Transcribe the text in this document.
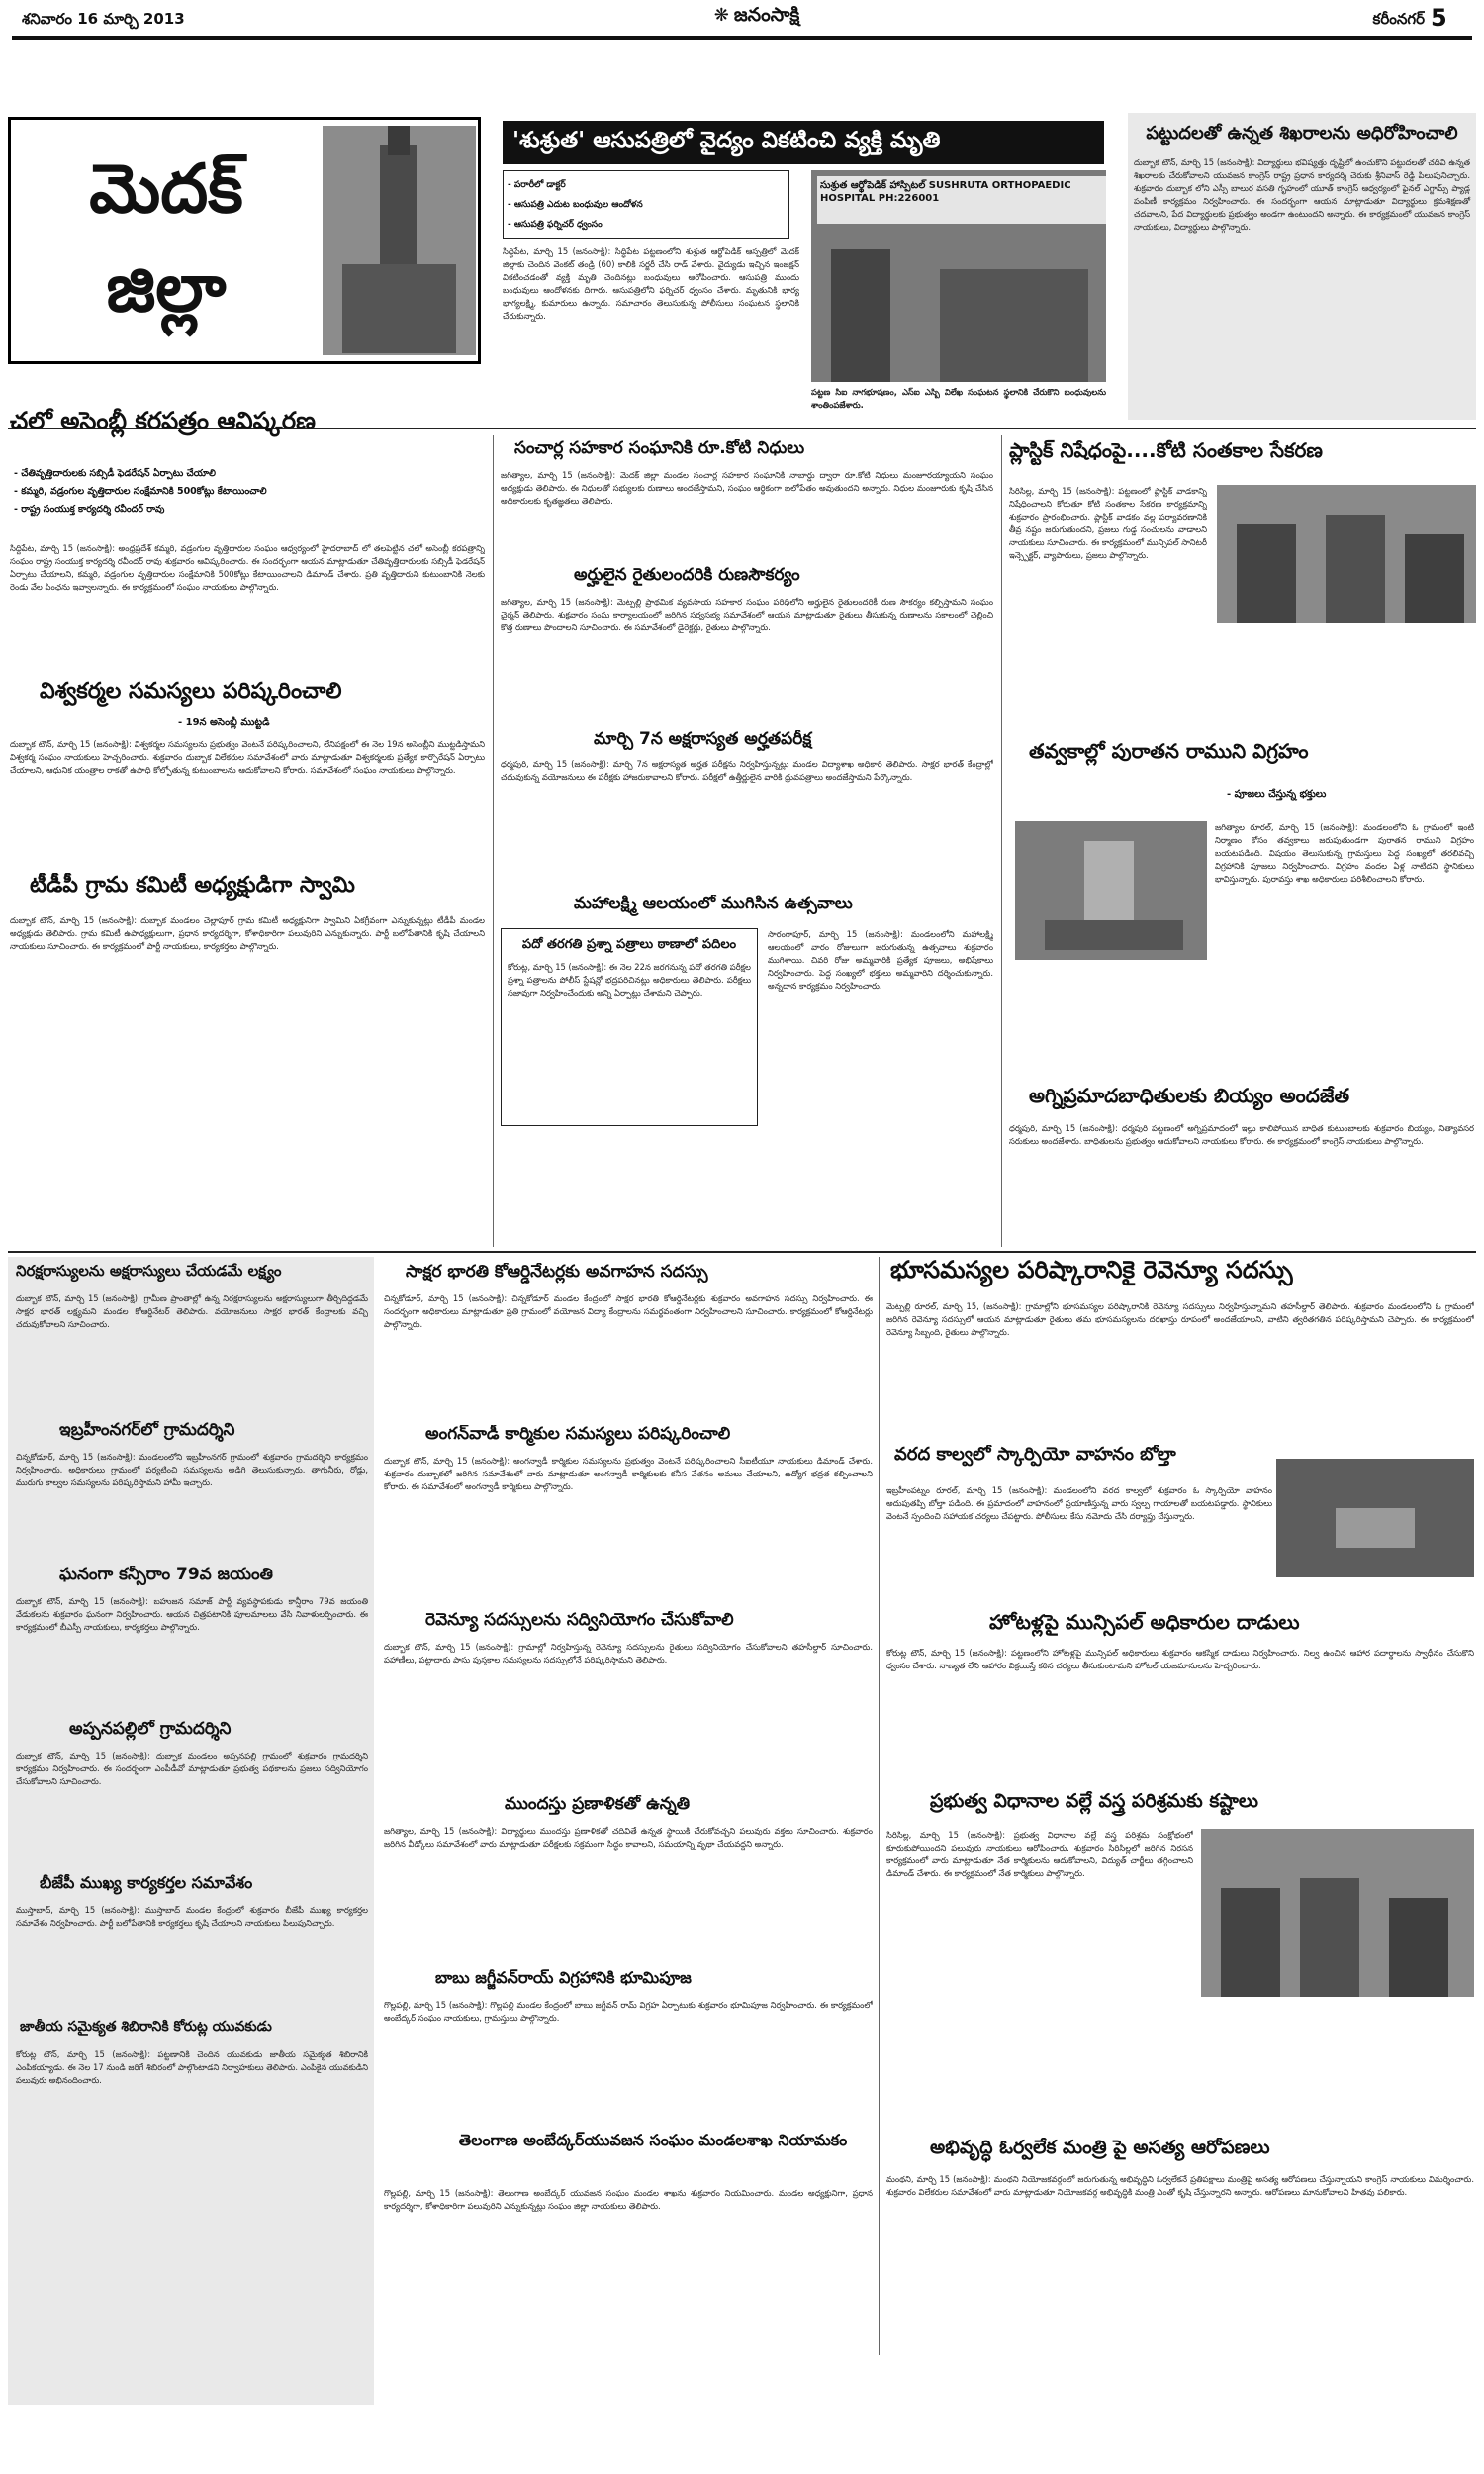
శనివారం 16 మార్చి 2013	❋ జనంసాక్షి	కరీంనగర్ 5
మెదక్ జిల్లా
'శుశ్రుత' ఆసుపత్రిలో వైద్యం వికటించి వ్యక్తి మృతి
- పరారీలో డాక్టర్
- ఆసుపత్రి ఎదుట బంధువుల ఆందోళన
- ఆసుపత్రి ఫర్నిచర్ ధ్వంసం
సుశ్రుత ఆర్థోపెడిక్ హాస్పిటల్ SUSHRUTA ORTHOPAEDIC HOSPITAL PH:226001
సిద్ధిపేట, మార్చి 15 (జనంసాక్షి): సిద్ధిపేట పట్టణంలోని శుశ్రుత ఆర్థోపెడిక్ ఆస్పత్రిలో మెదక్ జిల్లాకు చెందిన వెంకట్ తండ్రి (60) కాలికి సర్జరీ చేసి రాడ్ వేశారు. వైద్యుడు ఇచ్చిన ఇంజక్షన్ వికటించడంతో వ్యక్తి మృతి చెందినట్లు బంధువులు ఆరోపించారు. ఆసుపత్రి ముందు బంధువులు ఆందోళనకు దిగారు. ఆసుపత్రిలోని ఫర్నిచర్ ధ్వంసం చేశారు. మృతునికి భార్య భాగ్యలక్ష్మి, కుమారులు ఉన్నారు. సమాచారం తెలుసుకున్న పోలీసులు సంఘటన స్థలానికి చేరుకున్నారు.
పట్టణ సిఐ నాగభూషణం, ఎస్ఐ ఎస్బి విలేఖ సంఘటన స్థలానికి చేరుకొని బంధువులను శాంతింపజేశారు.
పట్టుదలతో ఉన్నత శిఖరాలను అధిరోహించాలి
దుబ్బాక టౌన్, మార్చి 15 (జనంసాక్షి): విద్యార్థులు భవిష్యత్తు దృష్టిలో ఉంచుకొని పట్టుదలతో చదివి ఉన్నత శిఖరాలకు చేరుకోవాలని యువజన కాంగ్రెస్ రాష్ట్ర ప్రధాన కార్యదర్శి చెరుకు శ్రీనివాస్ రెడ్డి పిలుపునిచ్చారు. శుక్రవారం దుబ్బాక లోని ఎస్సీ బాలుర వసతి గృహంలో యూత్ కాంగ్రెస్ ఆధ్వర్యంలో ఫైనల్ ఎగ్జామ్స్ ప్యాడ్ల పంపిణీ కార్యక్రమం నిర్వహించారు. ఈ సందర్భంగా ఆయన మాట్లాడుతూ విద్యార్థులు క్రమశిక్షణతో చదవాలని, పేద విద్యార్థులకు ప్రభుత్వం అండగా ఉంటుందని అన్నారు. ఈ కార్యక్రమంలో యువజన కాంగ్రెస్ నాయకులు, విద్యార్థులు పాల్గొన్నారు.
చలో అసెంబ్లీ కరపత్రం ఆవిష్కరణ
- చేతివృత్తిదారులకు సబ్సిడీ ఫెడరేషన్ ఏర్పాటు చేయాలి
- కమ్మరి, వడ్రంగుల వృత్తిదారుల సంక్షేమానికి 500కోట్లు కేటాయించాలి
- రాష్ట్ర సంయుక్త కార్యదర్శి రవీందర్ రావు
సిద్దిపేట, మార్చి 15 (జనంసాక్షి): అంధ్రప్రదేశ్ కమ్మరి, వడ్రంగుల వృత్తిదారుల సంఘం ఆధ్వర్యంలో హైదరాబాద్ లో తలపెట్టిన చలో అసెంబ్లీ కరపత్రాన్ని సంఘం రాష్ట్ర సంయుక్త కార్యదర్శి రవీందర్ రావు శుక్రవారం ఆవిష్కరించారు. ఈ సందర్భంగా ఆయన మాట్లాడుతూ చేతివృత్తిదారులకు సబ్సిడీ ఫెడరేషన్ ఏర్పాటు చేయాలని, కమ్మరి, వడ్రంగుల వృత్తిదారుల సంక్షేమానికి 500కోట్లు కేటాయించాలని డిమాండ్ చేశారు. ప్రతి వృత్తిదారుని కుటుంబానికి నెలకు రెండు వేల పింఛను ఇవ్వాలన్నారు. ఈ కార్యక్రమంలో సంఘం నాయకులు పాల్గొన్నారు.
విశ్వకర్మల సమస్యలు పరిష్కరించాలి
- 19న అసెంబ్లీ ముట్టడి
దుబ్బాక టౌన్, మార్చి 15 (జనంసాక్షి): విశ్వకర్మల సమస్యలను ప్రభుత్వం వెంటనే పరిష్కరించాలని, లేనిపక్షంలో ఈ నెల 19న అసెంబ్లీని ముట్టడిస్తామని విశ్వకర్మ సంఘం నాయకులు హెచ్చరించారు. శుక్రవారం దుబ్బాక విలేకరుల సమావేశంలో వారు మాట్లాడుతూ విశ్వకర్మలకు ప్రత్యేక కార్పొరేషన్ ఏర్పాటు చేయాలని, ఆధునిక యంత్రాల రాకతో ఉపాధి కోల్పోతున్న కుటుంబాలను ఆదుకోవాలని కోరారు. సమావేశంలో సంఘం నాయకులు పాల్గొన్నారు.
టీడీపీ గ్రామ కమిటీ అధ్యక్షుడిగా స్వామి
దుబ్బాక టౌన్, మార్చి 15 (జనంసాక్షి): దుబ్బాక మండలం చెల్లాపూర్ గ్రామ కమిటీ అధ్యక్షునిగా స్వామిని ఏకగ్రీవంగా ఎన్నుకున్నట్లు టీడీపీ మండల అధ్యక్షుడు తెలిపారు. గ్రామ కమిటీ ఉపాధ్యక్షులుగా, ప్రధాన కార్యదర్శిగా, కోశాధికారిగా పలువురిని ఎన్నుకున్నారు. పార్టీ బలోపేతానికి కృషి చేయాలని నాయకులు సూచించారు. ఈ కార్యక్రమంలో పార్టీ నాయకులు, కార్యకర్తలు పాల్గొన్నారు.
సంచార్ల సహకార సంఘానికి రూ.కోటి నిధులు
జగిత్యాల, మార్చి 15 (జనంసాక్షి): మెదక్ జిల్లా మండల సంచార్ల సహకార సంఘానికి నాబార్డు ద్వారా రూ.కోటి నిధులు మంజూరయ్యాయని సంఘం అధ్యక్షుడు తెలిపారు. ఈ నిధులతో సభ్యులకు రుణాలు అందజేస్తామని, సంఘం ఆర్థికంగా బలోపేతం అవుతుందని అన్నారు. నిధుల మంజూరుకు కృషి చేసిన అధికారులకు కృతజ్ఞతలు తెలిపారు.
అర్హులైన రైతులందరికి రుణసౌకర్యం
జగిత్యాల, మార్చి 15 (జనంసాక్షి): మెట్పల్లి ప్రాథమిక వ్యవసాయ సహకార సంఘం పరిధిలోని అర్హులైన రైతులందరికీ రుణ సౌకర్యం కల్పిస్తామని సంఘం చైర్మన్ తెలిపారు. శుక్రవారం సంఘ కార్యాలయంలో జరిగిన సర్వసభ్య సమావేశంలో ఆయన మాట్లాడుతూ రైతులు తీసుకున్న రుణాలను సకాలంలో చెల్లించి కొత్త రుణాలు పొందాలని సూచించారు. ఈ సమావేశంలో డైరెక్టర్లు, రైతులు పాల్గొన్నారు.
మార్చి 7న అక్షరాస్యత అర్హతపరీక్ష
ధర్మపురి, మార్చి 15 (జనంసాక్షి): మార్చి 7న అక్షరాస్యత అర్హత పరీక్షను నిర్వహిస్తున్నట్లు మండల విద్యాశాఖ అధికారి తెలిపారు. సాక్షర భారత్ కేంద్రాల్లో చదువుకున్న వయోజనులు ఈ పరీక్షకు హాజరుకావాలని కోరారు. పరీక్షలో ఉత్తీర్ణులైన వారికి ధ్రువపత్రాలు అందజేస్తామని పేర్కొన్నారు.
మహాలక్ష్మి ఆలయంలో ముగిసిన ఉత్సవాలు
పదో తరగతి ప్రశ్నా పత్రాలు ఠాణాలో పదిలం
కోరుట్ల, మార్చి 15 (జనంసాక్షి): ఈ నెల 22న జరగనున్న పదో తరగతి పరీక్షల ప్రశ్నా పత్రాలను పోలీస్ స్టేషన్లో భద్రపరిచినట్లు అధికారులు తెలిపారు. పరీక్షలు సజావుగా నిర్వహించేందుకు అన్ని ఏర్పాట్లు చేశామని చెప్పారు.
సారంగాపూర్, మార్చి 15 (జనంసాక్షి): మండలంలోని మహాలక్ష్మి ఆలయంలో వారం రోజులుగా జరుగుతున్న ఉత్సవాలు శుక్రవారం ముగిశాయి. చివరి రోజు అమ్మవారికి ప్రత్యేక పూజలు, అభిషేకాలు నిర్వహించారు. పెద్ద సంఖ్యలో భక్తులు అమ్మవారిని దర్శించుకున్నారు. అన్నదాన కార్యక్రమం నిర్వహించారు.
ప్లాస్టిక్ నిషేధంపై....కోటి సంతకాల సేకరణ
సిరిసిల్ల, మార్చి 15 (జనంసాక్షి): పట్టణంలో ప్లాస్టిక్ వాడకాన్ని నిషేధించాలని కోరుతూ కోటి సంతకాల సేకరణ కార్యక్రమాన్ని శుక్రవారం ప్రారంభించారు. ప్లాస్టిక్ వాడకం వల్ల పర్యావరణానికి తీవ్ర నష్టం జరుగుతుందని, ప్రజలు గుడ్డ సంచులను వాడాలని నాయకులు సూచించారు. ఈ కార్యక్రమంలో మున్సిపల్ సానిటరీ ఇన్స్పెక్టర్, వ్యాపారులు, ప్రజలు పాల్గొన్నారు.
తవ్వకాల్లో పురాతన రాముని విగ్రహం
- పూజలు చేస్తున్న భక్తులు
జగిత్యాల రూరల్, మార్చి 15 (జనంసాక్షి): మండలంలోని ఓ గ్రామంలో ఇంటి నిర్మాణం కోసం తవ్వకాలు జరుపుతుండగా పురాతన రాముని విగ్రహం బయటపడింది. విషయం తెలుసుకున్న గ్రామస్తులు పెద్ద సంఖ్యలో తరలివచ్చి విగ్రహానికి పూజలు నిర్వహించారు. విగ్రహం వందల ఏళ్ల నాటిదని స్థానికులు భావిస్తున్నారు. పురావస్తు శాఖ అధికారులు పరిశీలించాలని కోరారు.
అగ్నిప్రమాదబాధితులకు బియ్యం అందజేత
ధర్మపురి, మార్చి 15 (జనంసాక్షి): ధర్మపురి పట్టణంలో అగ్నిప్రమాదంలో ఇల్లు కాలిపోయిన బాధిత కుటుంబాలకు శుక్రవారం బియ్యం, నిత్యావసర సరుకులు అందజేశారు. బాధితులను ప్రభుత్వం ఆదుకోవాలని నాయకులు కోరారు. ఈ కార్యక్రమంలో కాంగ్రెస్ నాయకులు పాల్గొన్నారు.
నిరక్షరాస్యులను అక్షరాస్యులు చేయడమే లక్ష్యం
దుబ్బాక టౌన్, మార్చి 15 (జనంసాక్షి): గ్రామీణ ప్రాంతాల్లో ఉన్న నిరక్షరాస్యులను అక్షరాస్యులుగా తీర్చిదిద్దడమే సాక్షర భారత్ లక్ష్యమని మండల కోఆర్డినేటర్ తెలిపారు. వయోజనులు సాక్షర భారత్ కేంద్రాలకు వచ్చి చదువుకోవాలని సూచించారు.
ఇబ్రహీంనగర్‌లో గ్రామదర్శిని
చిన్నకోడూర్, మార్చి 15 (జనంసాక్షి): మండలంలోని ఇబ్రహీంనగర్ గ్రామంలో శుక్రవారం గ్రామదర్శిని కార్యక్రమం నిర్వహించారు. అధికారులు గ్రామంలో పర్యటించి సమస్యలను అడిగి తెలుసుకున్నారు. తాగునీరు, రోడ్లు, మురుగు కాల్వల సమస్యలను పరిష్కరిస్తామని హామీ ఇచ్చారు.
ఘనంగా కన్సీరాం 79వ జయంతి
దుబ్బాక టౌన్, మార్చి 15 (జనంసాక్షి): బహుజన సమాజ్ పార్టీ వ్యవస్థాపకుడు కాన్షీరాం 79వ జయంతి వేడుకలను శుక్రవారం ఘనంగా నిర్వహించారు. ఆయన చిత్రపటానికి పూలమాలలు వేసి నివాళులర్పించారు. ఈ కార్యక్రమంలో బీఎస్పీ నాయకులు, కార్యకర్తలు పాల్గొన్నారు.
అప్పనపల్లిలో గ్రామదర్శిని
దుబ్బాక టౌన్, మార్చి 15 (జనంసాక్షి): దుబ్బాక మండలం అప్పనపల్లి గ్రామంలో శుక్రవారం గ్రామదర్శిని కార్యక్రమం నిర్వహించారు. ఈ సందర్భంగా ఎంపీడీవో మాట్లాడుతూ ప్రభుత్వ పథకాలను ప్రజలు సద్వినియోగం చేసుకోవాలని సూచించారు.
బీజేపీ ముఖ్య కార్యకర్తల సమావేశం
ముస్తాబాద్, మార్చి 15 (జనంసాక్షి): ముస్తాబాద్ మండల కేంద్రంలో శుక్రవారం బీజేపీ ముఖ్య కార్యకర్తల సమావేశం నిర్వహించారు. పార్టీ బలోపేతానికి కార్యకర్తలు కృషి చేయాలని నాయకులు పిలుపునిచ్చారు.
జాతీయ సమైక్యత శిబిరానికి కోరుట్ల యువకుడు
కోరుట్ల టౌన్, మార్చి 15 (జనంసాక్షి): పట్టణానికి చెందిన యువకుడు జాతీయ సమైక్యత శిబిరానికి ఎంపికయ్యాడు. ఈ నెల 17 నుండి జరిగే శిబిరంలో పాల్గొంటాడని నిర్వాహకులు తెలిపారు. ఎంపికైన యువకుడిని పలువురు అభినందించారు.
సాక్షర భారతి కోఆర్డినేటర్లకు అవగాహన సదస్సు
చిన్నకోడూర్, మార్చి 15 (జనంసాక్షి): చిన్నకోడూర్ మండల కేంద్రంలో సాక్షర భారతి కోఆర్డినేటర్లకు శుక్రవారం అవగాహన సదస్సు నిర్వహించారు. ఈ సందర్భంగా అధికారులు మాట్లాడుతూ ప్రతి గ్రామంలో వయోజన విద్యా కేంద్రాలను సమర్థవంతంగా నిర్వహించాలని సూచించారు. కార్యక్రమంలో కోఆర్డినేటర్లు పాల్గొన్నారు.
అంగన్‌వాడీ కార్మికుల సమస్యలు పరిష్కరించాలి
దుబ్బాక టౌన్, మార్చి 15 (జనంసాక్షి): అంగన్వాడీ కార్మికుల సమస్యలను ప్రభుత్వం వెంటనే పరిష్కరించాలని సీఐటీయూ నాయకులు డిమాండ్ చేశారు. శుక్రవారం దుబ్బాకలో జరిగిన సమావేశంలో వారు మాట్లాడుతూ అంగన్వాడీ కార్మికులకు కనీస వేతనం అమలు చేయాలని, ఉద్యోగ భద్రత కల్పించాలని కోరారు. ఈ సమావేశంలో అంగన్వాడీ కార్మికులు పాల్గొన్నారు.
రెవెన్యూ సదస్సులను సద్వినియోగం చేసుకోవాలి
దుబ్బాక టౌన్, మార్చి 15 (జనంసాక్షి): గ్రామాల్లో నిర్వహిస్తున్న రెవెన్యూ సదస్సులను రైతులు సద్వినియోగం చేసుకోవాలని తహసీల్దార్ సూచించారు. పహాణీలు, పట్టాదారు పాసు పుస్తకాల సమస్యలను సదస్సులోనే పరిష్కరిస్తామని తెలిపారు.
ముందస్తు ప్రణాళికతో ఉన్నతి
జగిత్యాల, మార్చి 15 (జనంసాక్షి): విద్యార్థులు ముందస్తు ప్రణాళికతో చదివితే ఉన్నత స్థాయికి చేరుకోవచ్చని పలువురు వక్తలు సూచించారు. శుక్రవారం జరిగిన వీడ్కోలు సమావేశంలో వారు మాట్లాడుతూ పరీక్షలకు సక్రమంగా సిద్ధం కావాలని, సమయాన్ని వృథా చేయవద్దని అన్నారు.
బాబు జగ్జీవన్‌రాయ్ విగ్రహానికి భూమిపూజ
గొల్లపల్లి, మార్చి 15 (జనంసాక్షి): గొల్లపల్లి మండల కేంద్రంలో బాబు జగ్జీవన్ రామ్ విగ్రహ ఏర్పాటుకు శుక్రవారం భూమిపూజ నిర్వహించారు. ఈ కార్యక్రమంలో అంబేద్కర్ సంఘం నాయకులు, గ్రామస్తులు పాల్గొన్నారు.
తెలంగాణ అంబేద్కర్‌యువజన సంఘం మండలశాఖ నియామకం
గొల్లపల్లి, మార్చి 15 (జనంసాక్షి): తెలంగాణ అంబేద్కర్ యువజన సంఘం మండల శాఖను శుక్రవారం నియమించారు. మండల అధ్యక్షునిగా, ప్రధాన కార్యదర్శిగా, కోశాధికారిగా పలువురిని ఎన్నుకున్నట్లు సంఘం జిల్లా నాయకులు తెలిపారు.
భూసమస్యల పరిష్కారానికై రెవెన్యూ సదస్సు
మెట్పల్లి రూరల్, మార్చి 15, (జనంసాక్షి): గ్రామాల్లోని భూసమస్యల పరిష్కారానికి రెవెన్యూ సదస్సులు నిర్వహిస్తున్నామని తహసీల్దార్ తెలిపారు. శుక్రవారం మండలంలోని ఓ గ్రామంలో జరిగిన రెవెన్యూ సదస్సులో ఆయన మాట్లాడుతూ రైతులు తమ భూసమస్యలను దరఖాస్తు రూపంలో అందజేయాలని, వాటిని త్వరితగతిన పరిష్కరిస్తామని చెప్పారు. ఈ కార్యక్రమంలో రెవెన్యూ సిబ్బంది, రైతులు పాల్గొన్నారు.
వరద కాల్వలో స్కార్పియో వాహనం బోల్తా
ఇబ్రహీంపట్నం రూరల్, మార్చి 15 (జనంసాక్షి): మండలంలోని వరద కాల్వలో శుక్రవారం ఓ స్కార్పియో వాహనం అదుపుతప్పి బోల్తా పడింది. ఈ ప్రమాదంలో వాహనంలో ప్రయాణిస్తున్న వారు స్వల్ప గాయాలతో బయటపడ్డారు. స్థానికులు వెంటనే స్పందించి సహాయక చర్యలు చేపట్టారు. పోలీసులు కేసు నమోదు చేసి దర్యాప్తు చేస్తున్నారు.
హోటళ్లపై మున్సిపల్ అధికారుల దాడులు
కోరుట్ల టౌన్, మార్చి 15 (జనంసాక్షి): పట్టణంలోని హోటళ్లపై మున్సిపల్ అధికారులు శుక్రవారం ఆకస్మిక దాడులు నిర్వహించారు. నిల్వ ఉంచిన ఆహార పదార్థాలను స్వాధీనం చేసుకొని ధ్వంసం చేశారు. నాణ్యత లేని ఆహారం విక్రయిస్తే కఠిన చర్యలు తీసుకుంటామని హోటల్ యజమానులను హెచ్చరించారు.
ప్రభుత్వ విధానాల వల్లే వస్త్ర పరిశ్రమకు కష్టాలు
సిరిసిల్ల, మార్చి 15 (జనంసాక్షి): ప్రభుత్వ విధానాల వల్లే వస్త్ర పరిశ్రమ సంక్షోభంలో కూరుకుపోయిందని పలువురు నాయకులు ఆరోపించారు. శుక్రవారం సిరిసిల్లలో జరిగిన నిరసన కార్యక్రమంలో వారు మాట్లాడుతూ నేత కార్మికులను ఆదుకోవాలని, విద్యుత్ చార్జీలు తగ్గించాలని డిమాండ్ చేశారు. ఈ కార్యక్రమంలో నేత కార్మికులు పాల్గొన్నారు.
అభివృద్ధి ఓర్వలేక మంత్రి పై అసత్య ఆరోపణలు
మంథని, మార్చి 15 (జనంసాక్షి): మంథని నియోజకవర్గంలో జరుగుతున్న అభివృద్ధిని ఓర్వలేకనే ప్రతిపక్షాలు మంత్రిపై అసత్య ఆరోపణలు చేస్తున్నాయని కాంగ్రెస్ నాయకులు విమర్శించారు. శుక్రవారం విలేకరుల సమావేశంలో వారు మాట్లాడుతూ నియోజకవర్గ అభివృద్ధికి మంత్రి ఎంతో కృషి చేస్తున్నారని అన్నారు. ఆరోపణలు మానుకోవాలని హితవు పలికారు.
